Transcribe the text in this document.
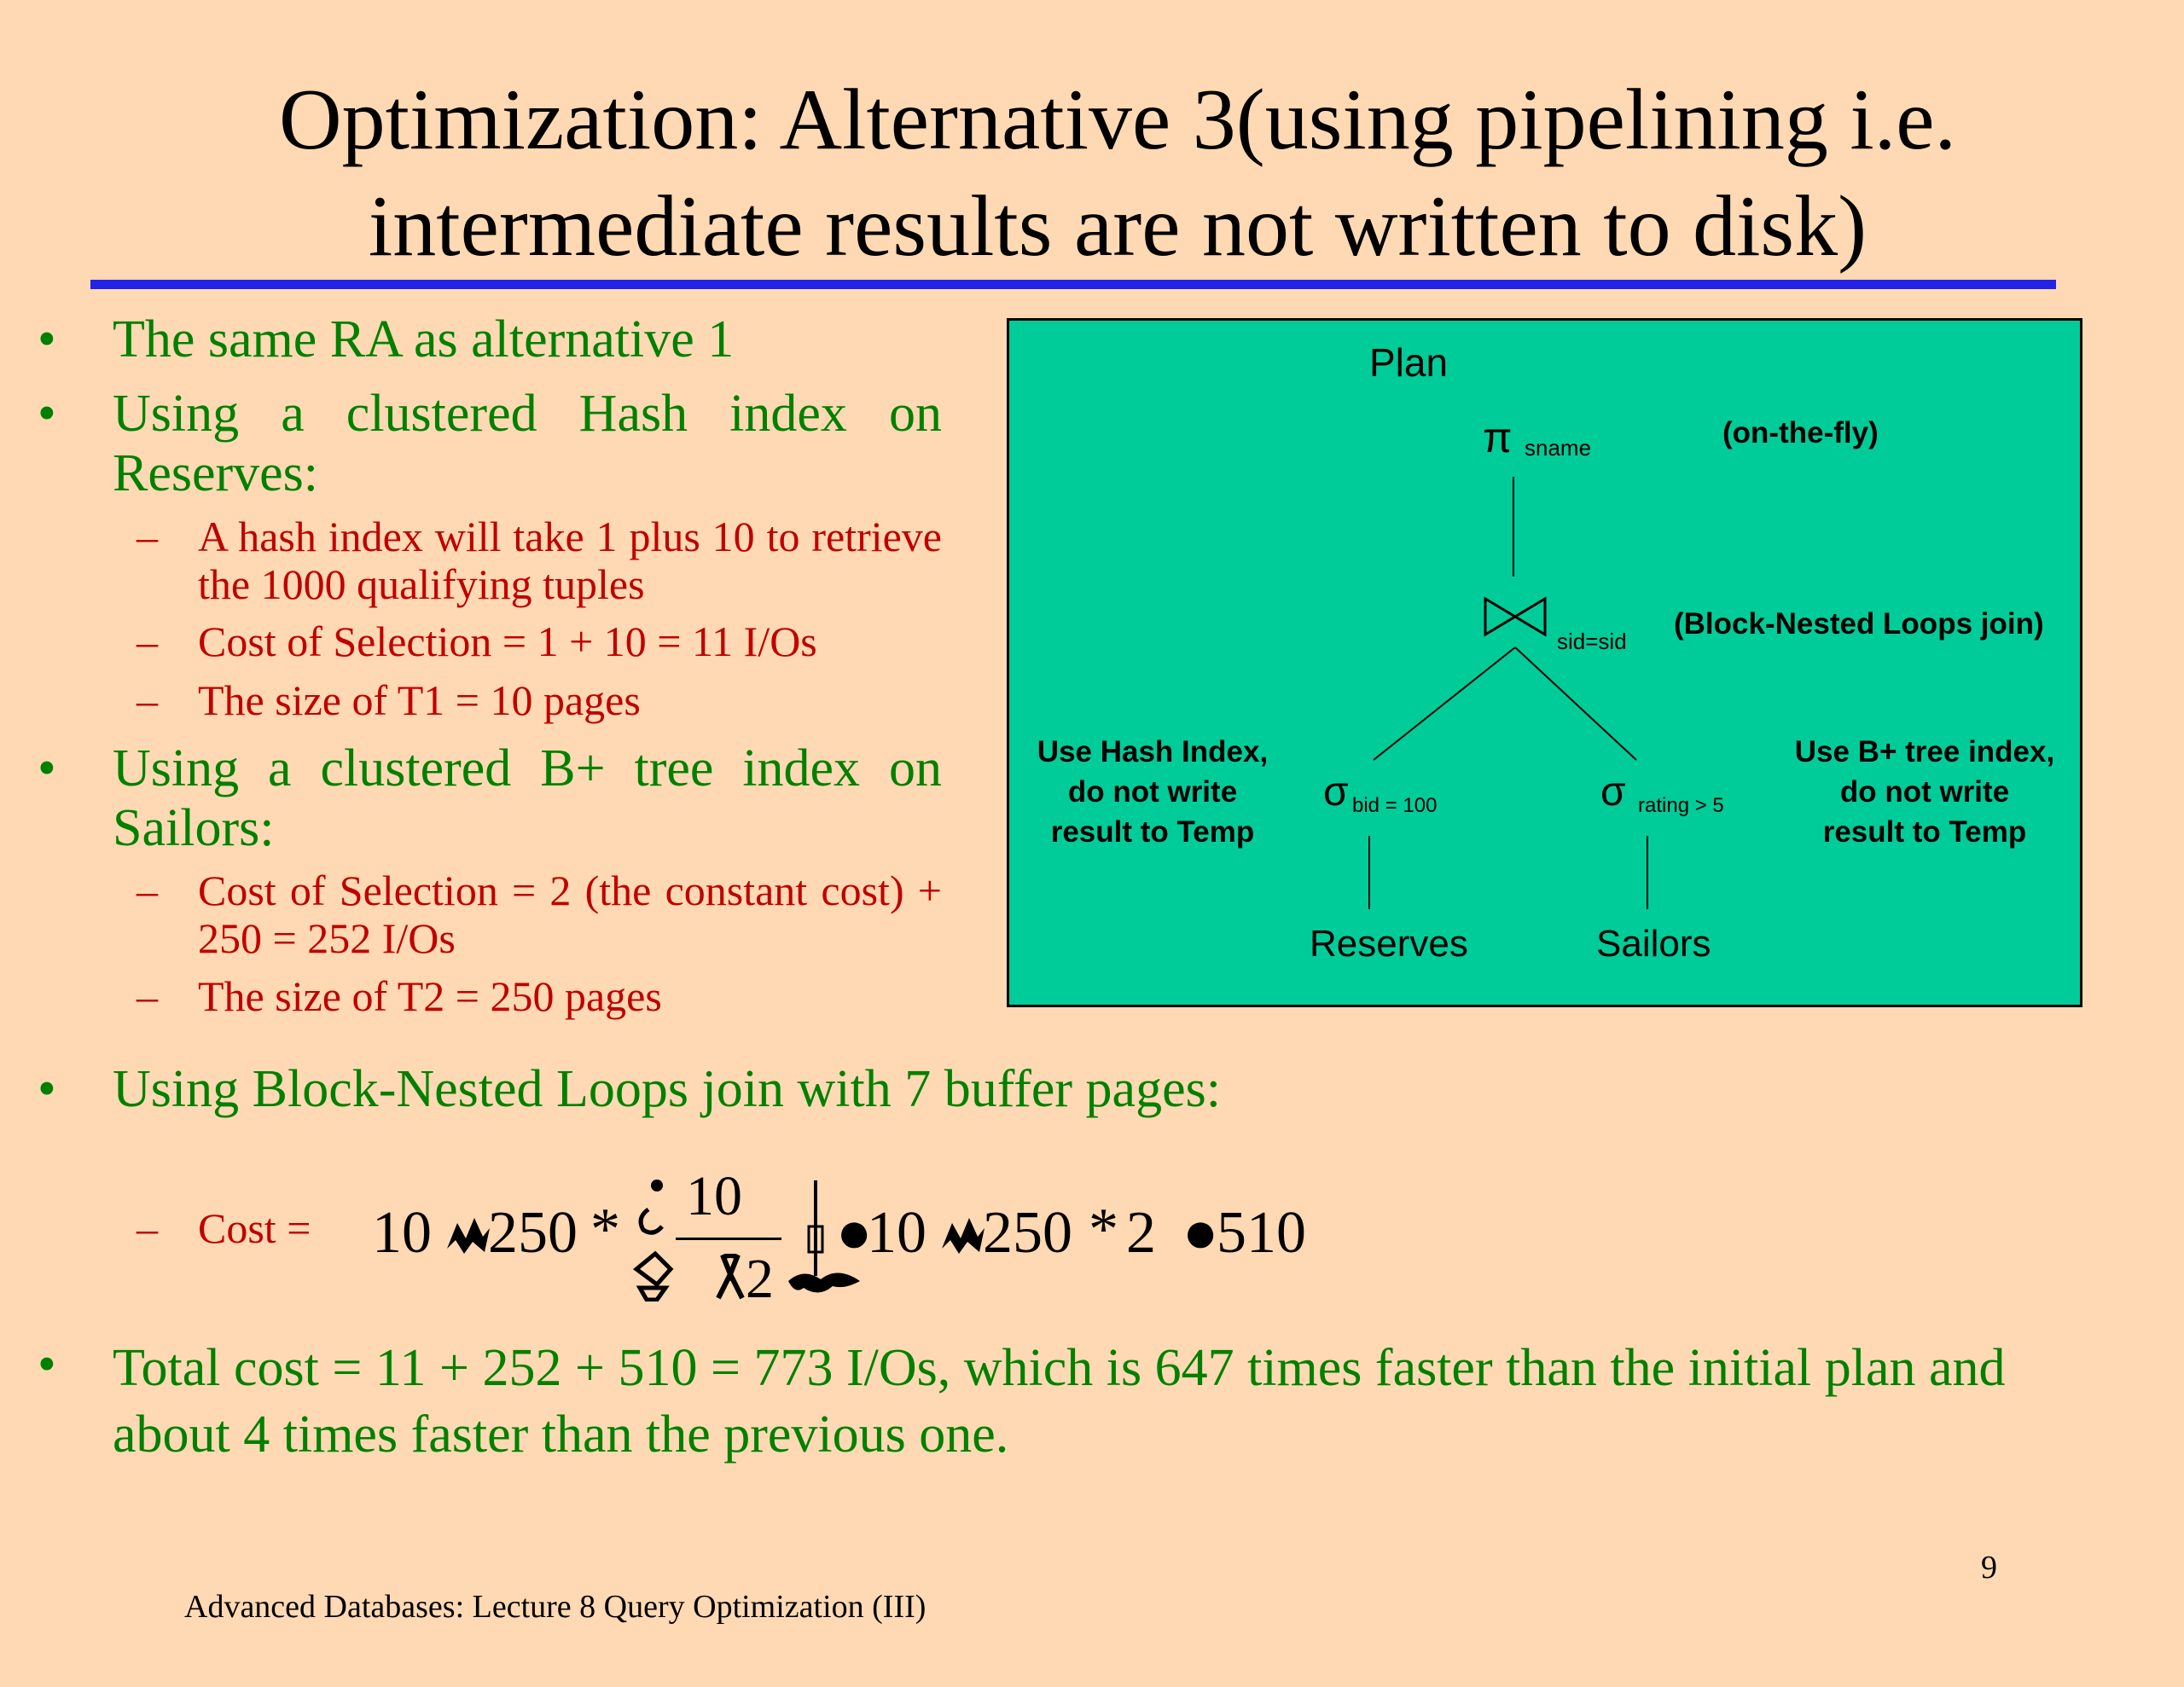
Optimization: Alternative 3(using pipelining i.e.
intermediate results are not written to disk)
• The same RA as alternative 1
• Using a clustered Hash index on Reserves:
– A hash index will take 1 plus 10 to retrieve the 1000 qualifying tuples
– Cost of Selection = 1 + 10 = 11 I/Os
– The size of T1 = 10 pages
• Using a clustered B+ tree index on Sailors:
– Cost of Selection = 2 (the constant cost) + 250 = 252 I/Os
– The size of T2 = 250 pages
Plan
π sname	(on-the-fly)
sid=sid
(Block-Nested Loops join)
σ bid = 100	σ rating > 5
Use Hash Index,
do not write
result to Temp
Use B+ tree index,
do not write
result to Temp
Reserves	Sailors
• Using Block-Nested Loops join with 7 buffer pages:
– Cost = 10 250 *
10
2
●
10 250 * 2 ●
510
• Total cost = 11 + 252 + 510 = 773 I/Os, which is 647 times faster than the initial plan and about 4 times faster than the previous one.
9
Advanced Databases: Lecture 8 Query Optimization (III)
